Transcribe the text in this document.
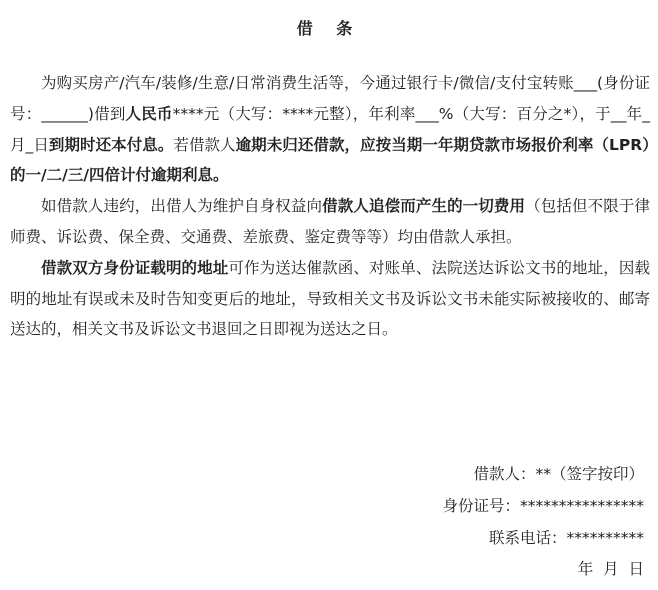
借 条

为购买房产/汽车/装修/生意/日常消费生活等，今通过银行卡/微信/支付宝转账___(身份证号：______)借到人民币****元（大写：****元整），年利率___%（大写：百分之*），于__年_月_日到期时还本付息。若借款人逾期未归还借款，应按当期一年期贷款市场报价利率（LPR）的一/二/三/四倍计付逾期利息。

如借款人违约，出借人为维护自身权益向借款人追偿而产生的一切费用（包括但不限于律师费、诉讼费、保全费、交通费、差旅费、鉴定费等等）均由借款人承担。

借款双方身份证载明的地址可作为送达催款函、对账单、法院送达诉讼文书的地址，因载明的地址有误或未及时告知变更后的地址，导致相关文书及诉讼文书未能实际被接收的、邮寄送达的，相关文书及诉讼文书退回之日即视为送达之日。

借款人：**（签字按印）
身份证号：****************
联系电话：**********
年  月  日
